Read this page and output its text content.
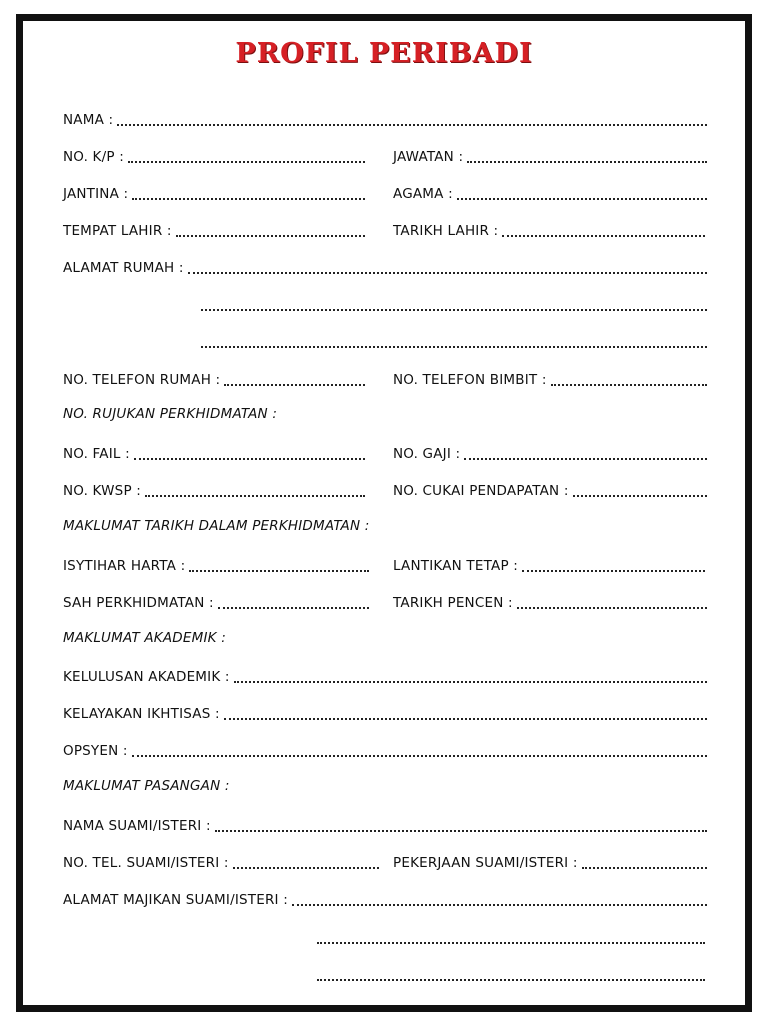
PROFIL PERIBADI
NAMA :
NO. K/P :	JAWATAN :
JANTINA :	AGAMA :
TEMPAT LAHIR :	TARIKH LAHIR :
ALAMAT RUMAH :
NO. TELEFON RUMAH :	NO. TELEFON BIMBIT :
NO. RUJUKAN PERKHIDMATAN :
NO. FAIL :	NO. GAJI :
NO. KWSP :	NO. CUKAI PENDAPATAN :
MAKLUMAT TARIKH DALAM PERKHIDMATAN :
ISYTIHAR HARTA :	LANTIKAN TETAP :
SAH PERKHIDMATAN :	TARIKH PENCEN :
MAKLUMAT AKADEMIK :
KELULUSAN AKADEMIK :
KELAYAKAN IKHTISAS :
OPSYEN :
MAKLUMAT PASANGAN :
NAMA SUAMI/ISTERI :
NO. TEL. SUAMI/ISTERI :	PEKERJAAN SUAMI/ISTERI :
ALAMAT MAJIKAN SUAMI/ISTERI :
